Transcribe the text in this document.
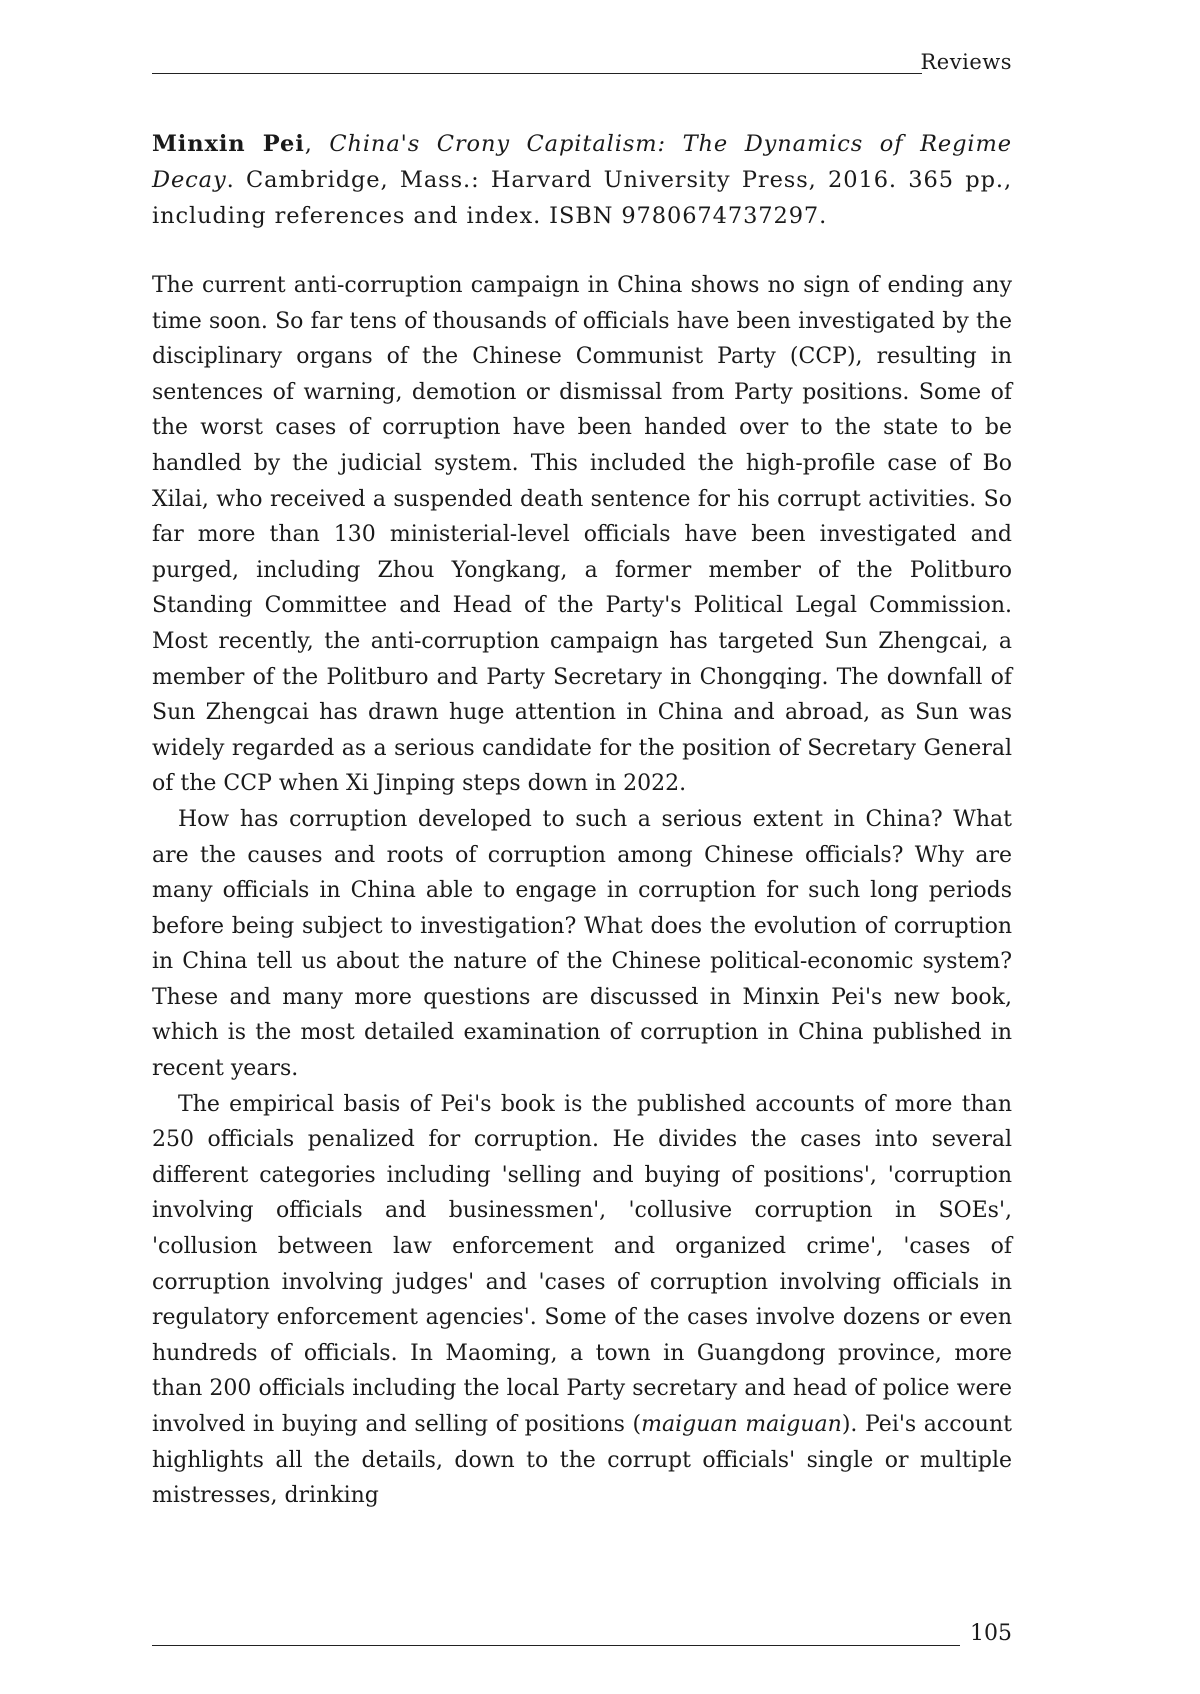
Reviews

Minxin Pei, China's Crony Capitalism: The Dynamics of Regime Decay. Cambridge, Mass.: Harvard University Press, 2016. 365 pp., including references and index. ISBN 9780674737297.

The current anti-corruption campaign in China shows no sign of ending any time soon. So far tens of thousands of officials have been investigated by the disciplinary organs of the Chinese Communist Party (CCP), resulting in sentences of warning, demotion or dismissal from Party positions. Some of the worst cases of corruption have been handed over to the state to be handled by the judicial system. This included the high-profile case of Bo Xilai, who received a suspended death sentence for his corrupt activities. So far more than 130 ministerial-level officials have been investigated and purged, including Zhou Yongkang, a former member of the Politburo Standing Committee and Head of the Party's Political Legal Commission. Most recently, the anti-corruption campaign has targeted Sun Zhengcai, a member of the Politburo and Party Secretary in Chongqing. The downfall of Sun Zhengcai has drawn huge attention in China and abroad, as Sun was widely regarded as a serious candidate for the position of Secretary General of the CCP when Xi Jinping steps down in 2022.

How has corruption developed to such a serious extent in China? What are the causes and roots of corruption among Chinese officials? Why are many officials in China able to engage in corruption for such long periods before being subject to investigation? What does the evolution of corruption in China tell us about the nature of the Chinese political-economic system? These and many more questions are discussed in Minxin Pei's new book, which is the most detailed examination of corruption in China published in recent years.

The empirical basis of Pei's book is the published accounts of more than 250 officials penalized for corruption. He divides the cases into several different categories including 'selling and buying of positions', 'corruption involving officials and businessmen', 'collusive corruption in SOEs', 'collusion between law enforcement and organized crime', 'cases of corruption involving judges' and 'cases of corruption involving officials in regulatory enforcement agencies'. Some of the cases involve dozens or even hundreds of officials. In Maoming, a town in Guangdong province, more than 200 officials including the local Party secretary and head of police were involved in buying and selling of positions (maiguan maiguan). Pei's account highlights all the details, down to the corrupt officials' single or multiple mistresses, drinking

105
